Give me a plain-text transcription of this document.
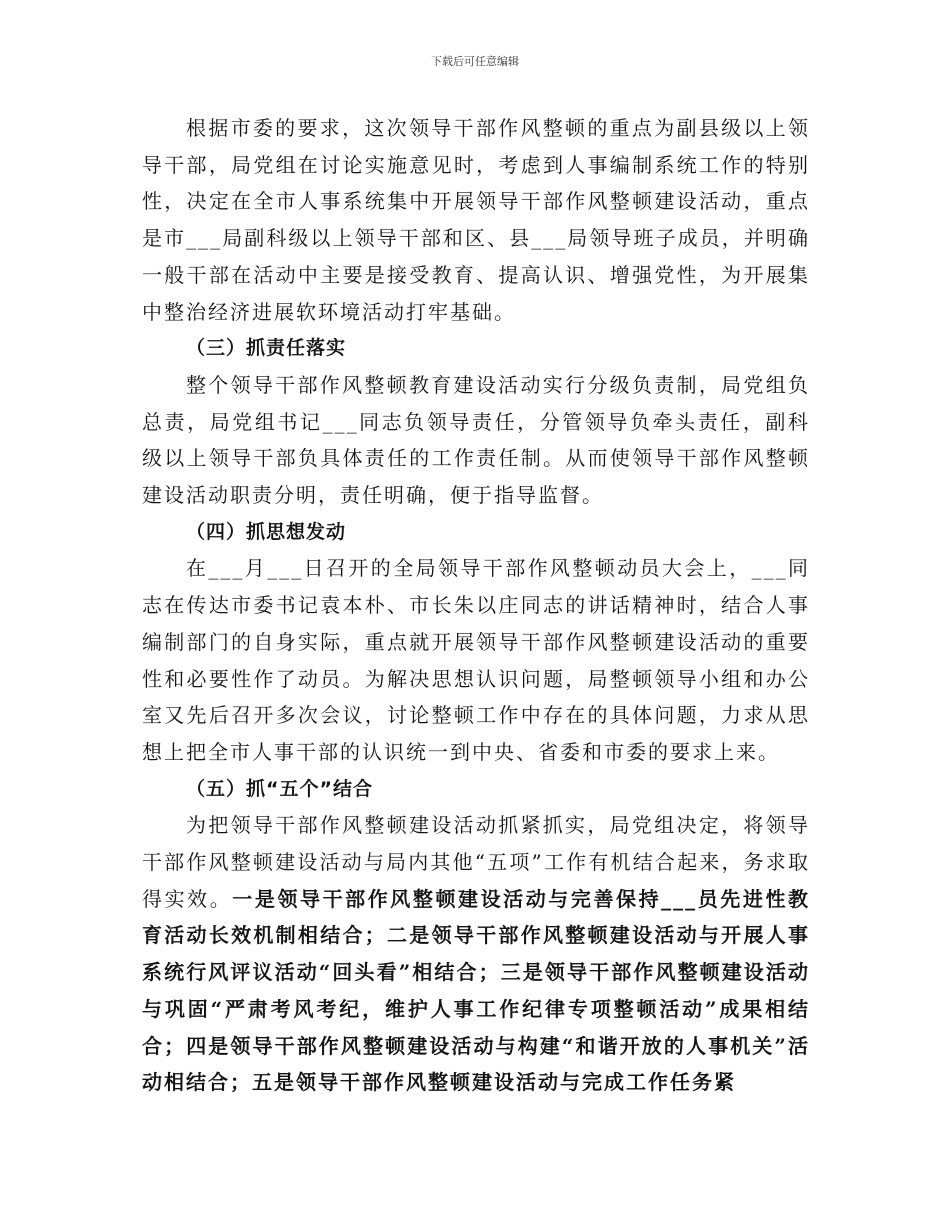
下载后可任意编辑

根据市委的要求，这次领导干部作风整顿的重点为副县级以上领导干部，局党组在讨论实施意见时，考虑到人事编制系统工作的特别性，决定在全市人事系统集中开展领导干部作风整顿建设活动，重点是市___局副科级以上领导干部和区、县___局领导班子成员，并明确一般干部在活动中主要是接受教育、提高认识、增强党性，为开展集中整治经济进展软环境活动打牢基础。

（三）抓责任落实

整个领导干部作风整顿教育建设活动实行分级负责制，局党组负总责，局党组书记___同志负领导责任，分管领导负牵头责任，副科级以上领导干部负具体责任的工作责任制。从而使领导干部作风整顿建设活动职责分明，责任明确，便于指导监督。

（四）抓思想发动

在___月___日召开的全局领导干部作风整顿动员大会上，___同志在传达市委书记袁本朴、市长朱以庄同志的讲话精神时，结合人事编制部门的自身实际，重点就开展领导干部作风整顿建设活动的重要性和必要性作了动员。为解决思想认识问题，局整顿领导小组和办公室又先后召开多次会议，讨论整顿工作中存在的具体问题，力求从思想上把全市人事干部的认识统一到中央、省委和市委的要求上来。

（五）抓“五个”结合

为把领导干部作风整顿建设活动抓紧抓实，局党组决定，将领导干部作风整顿建设活动与局内其他“五项”工作有机结合起来，务求取得实效。一是领导干部作风整顿建设活动与完善保持___员先进性教育活动长效机制相结合；二是领导干部作风整顿建设活动与开展人事系统行风评议活动“回头看”相结合；三是领导干部作风整顿建设活动与巩固“严肃考风考纪，维护人事工作纪律专项整顿活动”成果相结合；四是领导干部作风整顿建设活动与构建“和谐开放的人事机关”活动相结合；五是领导干部作风整顿建设活动与完成工作任务紧
